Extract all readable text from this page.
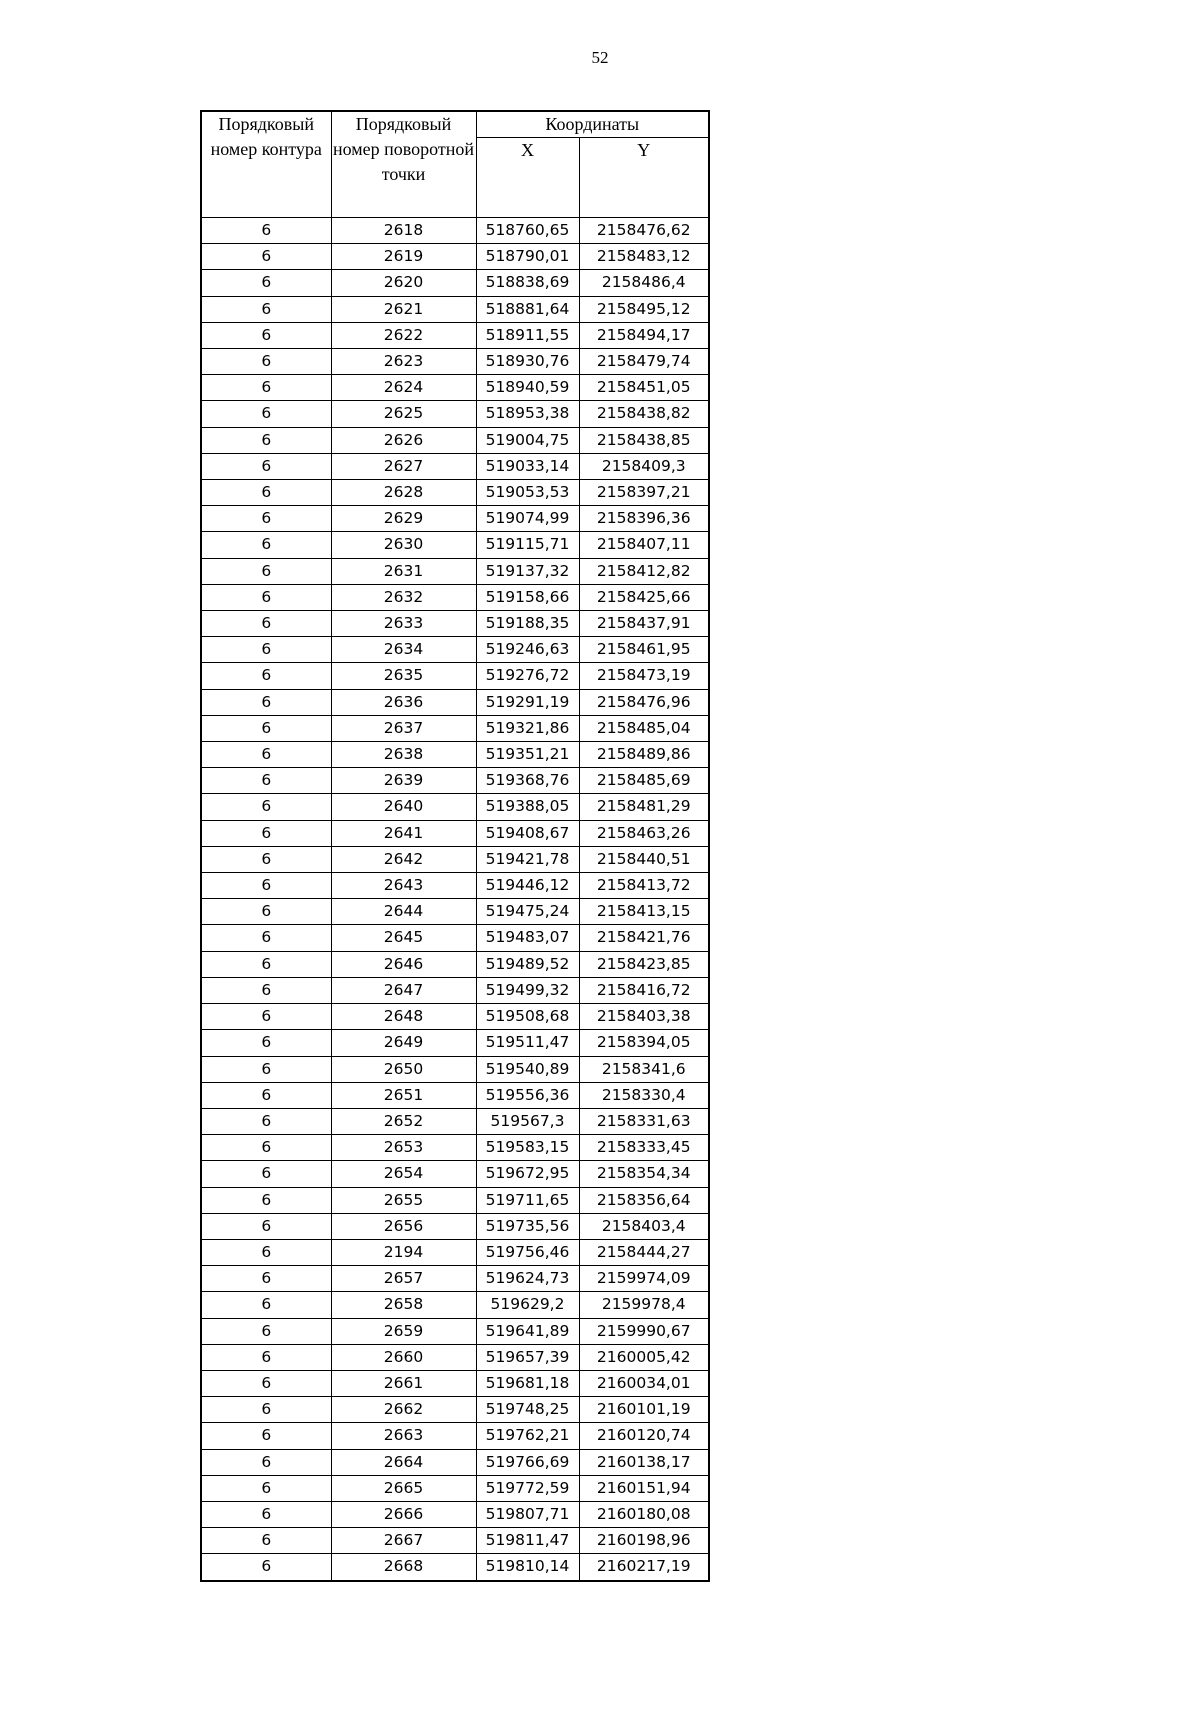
52
Порядковый номер контура	Порядковый номер поворотной точки	Координаты	
		X	Y
6	2618	518760,65	2158476,62
6	2619	518790,01	2158483,12
6	2620	518838,69	2158486,4
6	2621	518881,64	2158495,12
6	2622	518911,55	2158494,17
6	2623	518930,76	2158479,74
6	2624	518940,59	2158451,05
6	2625	518953,38	2158438,82
6	2626	519004,75	2158438,85
6	2627	519033,14	2158409,3
6	2628	519053,53	2158397,21
6	2629	519074,99	2158396,36
6	2630	519115,71	2158407,11
6	2631	519137,32	2158412,82
6	2632	519158,66	2158425,66
6	2633	519188,35	2158437,91
6	2634	519246,63	2158461,95
6	2635	519276,72	2158473,19
6	2636	519291,19	2158476,96
6	2637	519321,86	2158485,04
6	2638	519351,21	2158489,86
6	2639	519368,76	2158485,69
6	2640	519388,05	2158481,29
6	2641	519408,67	2158463,26
6	2642	519421,78	2158440,51
6	2643	519446,12	2158413,72
6	2644	519475,24	2158413,15
6	2645	519483,07	2158421,76
6	2646	519489,52	2158423,85
6	2647	519499,32	2158416,72
6	2648	519508,68	2158403,38
6	2649	519511,47	2158394,05
6	2650	519540,89	2158341,6
6	2651	519556,36	2158330,4
6	2652	519567,3	2158331,63
6	2653	519583,15	2158333,45
6	2654	519672,95	2158354,34
6	2655	519711,65	2158356,64
6	2656	519735,56	2158403,4
6	2194	519756,46	2158444,27
6	2657	519624,73	2159974,09
6	2658	519629,2	2159978,4
6	2659	519641,89	2159990,67
6	2660	519657,39	2160005,42
6	2661	519681,18	2160034,01
6	2662	519748,25	2160101,19
6	2663	519762,21	2160120,74
6	2664	519766,69	2160138,17
6	2665	519772,59	2160151,94
6	2666	519807,71	2160180,08
6	2667	519811,47	2160198,96
6	2668	519810,14	2160217,19
